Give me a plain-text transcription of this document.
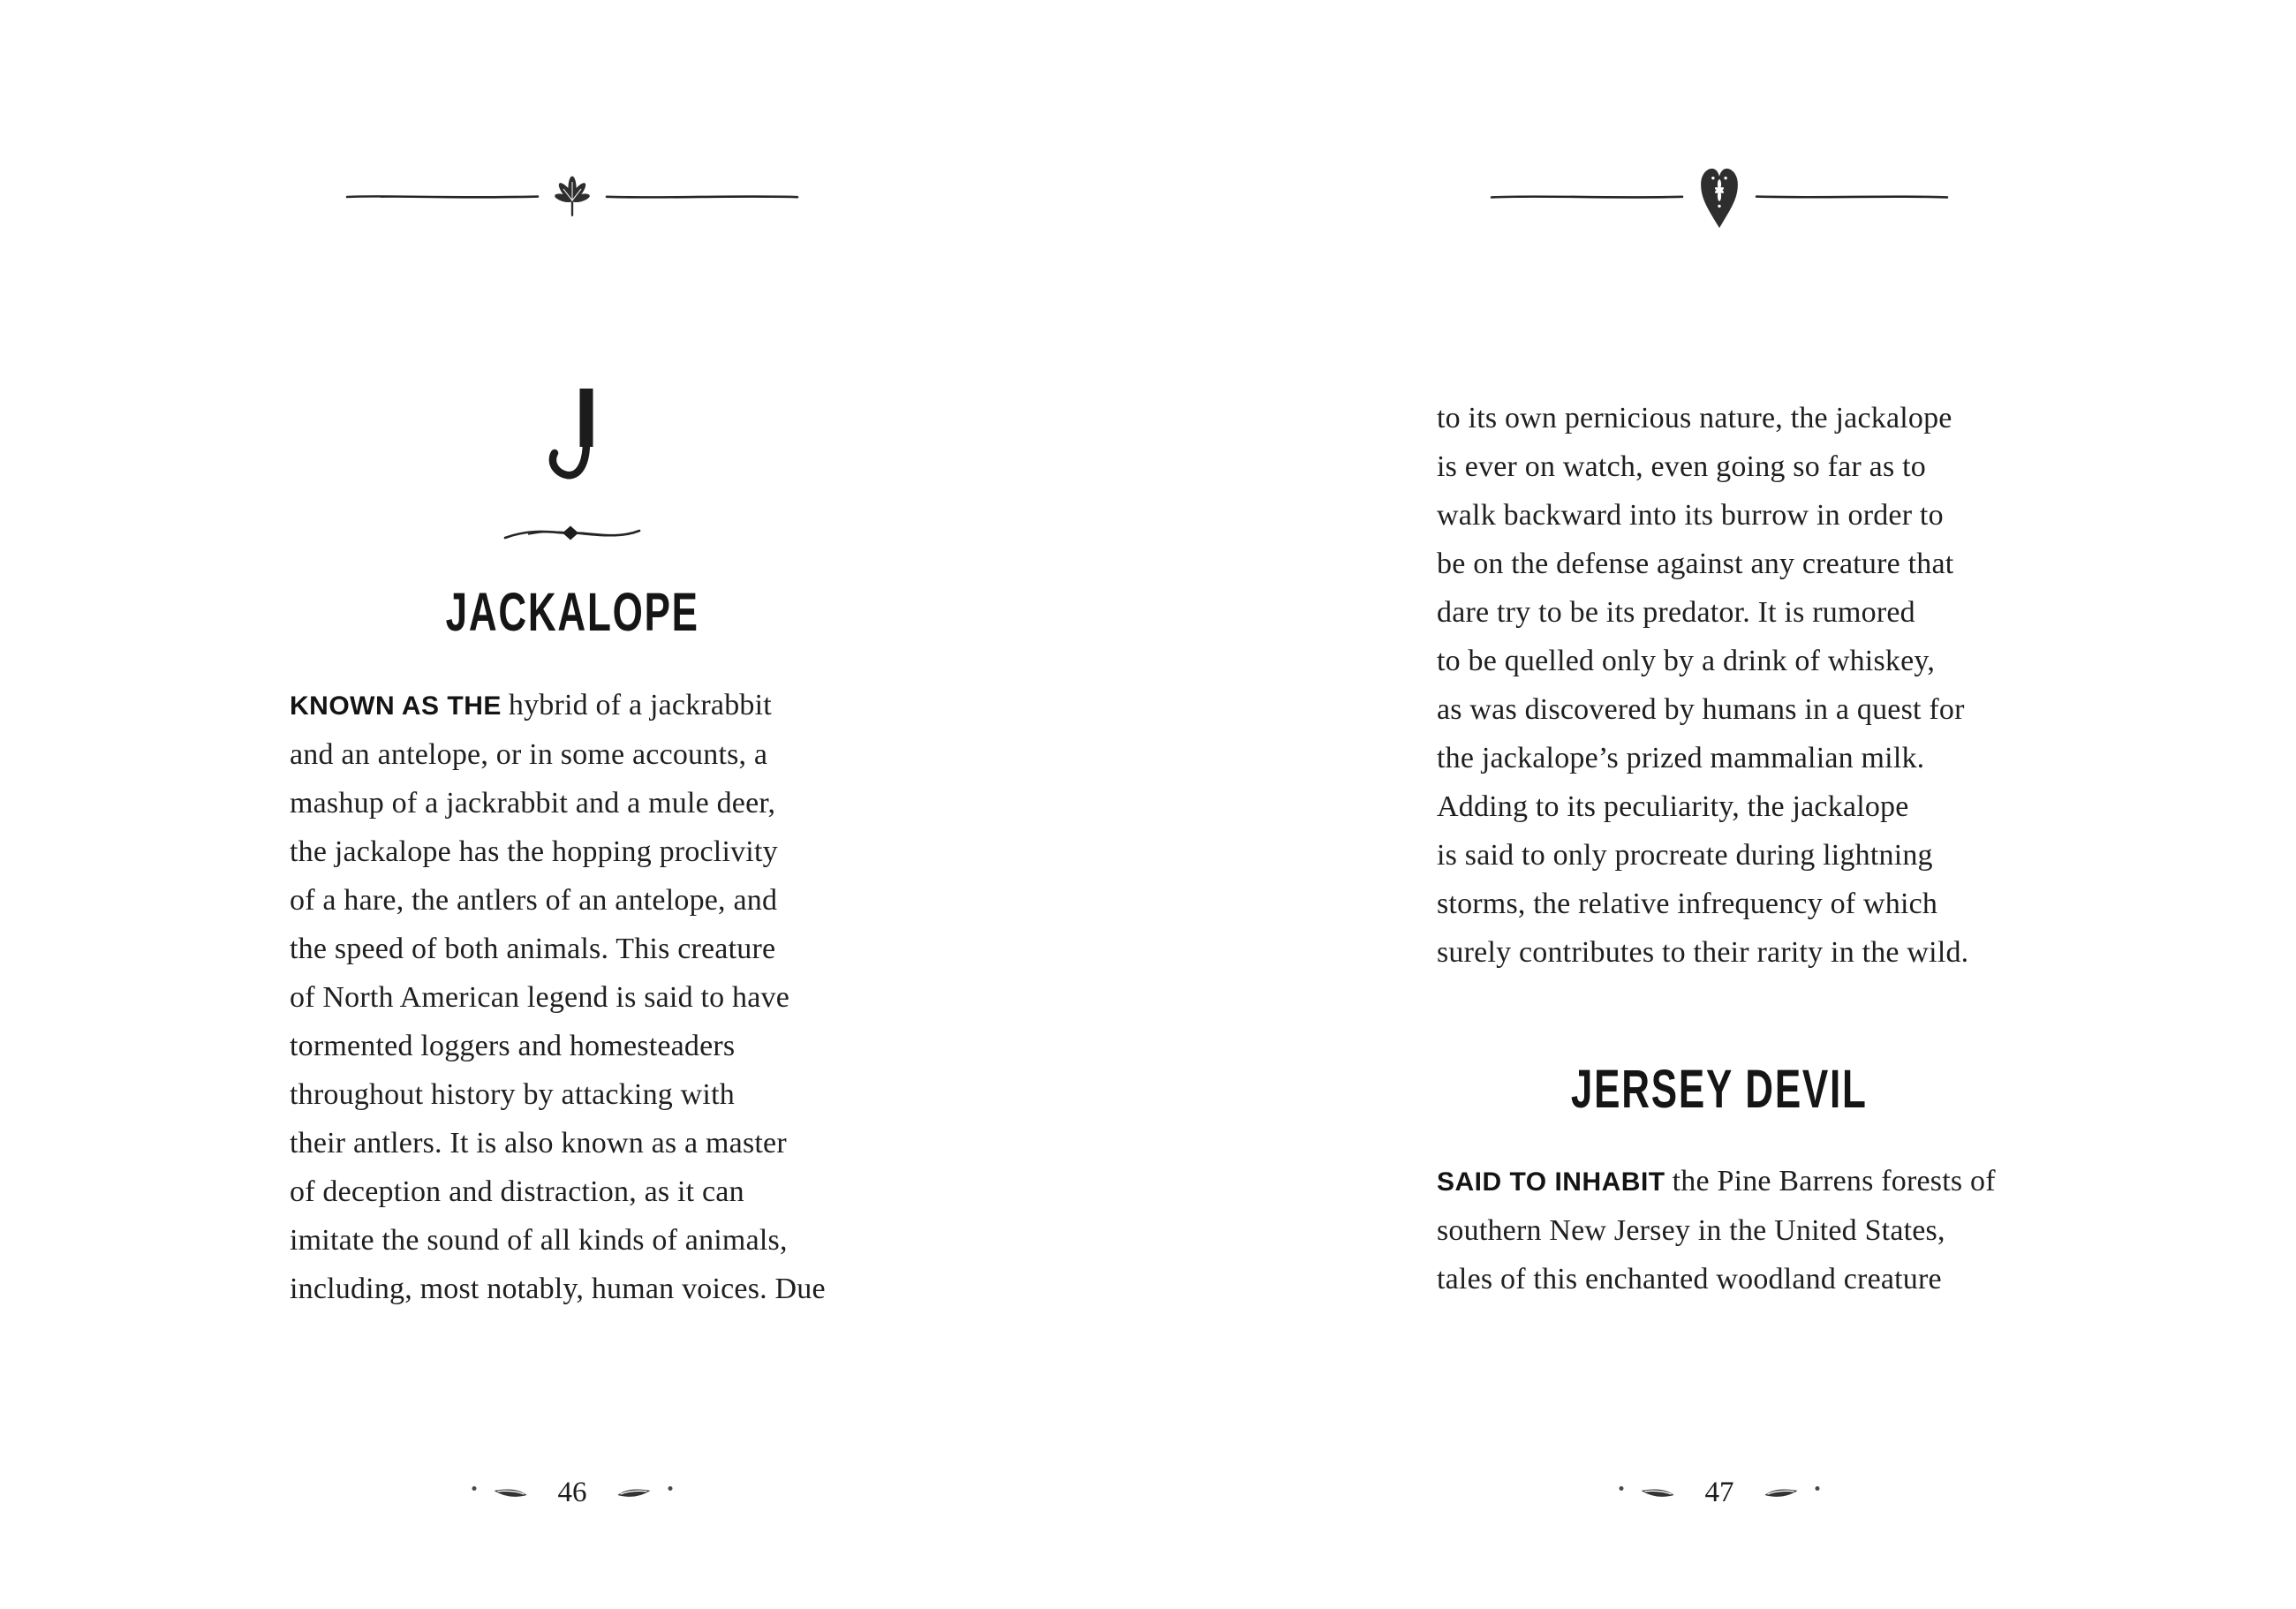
JACKALOPE
KNOWN AS THE hybrid of a jackrabbit
and an antelope, or in some accounts, a
mashup of a jackrabbit and a mule deer,
the jackalope has the hopping proclivity
of a hare, the antlers of an antelope, and
the speed of both animals. This creature
of North American legend is said to have
tormented loggers and homesteaders
throughout history by attacking with
their antlers. It is also known as a master
of deception and distraction, as it can
imitate the sound of all kinds of animals,
including, most notably, human voices. Due
46
to its own pernicious nature, the jackalope
is ever on watch, even going so far as to
walk backward into its burrow in order to
be on the defense against any creature that
dare try to be its predator. It is rumored
to be quelled only by a drink of whiskey,
as was discovered by humans in a quest for
the jackalope’s prized mammalian milk.
Adding to its peculiarity, the jackalope
is said to only procreate during lightning
storms, the relative infrequency of which
surely contributes to their rarity in the wild.
JERSEY DEVIL
SAID TO INHABIT the Pine Barrens forests of
southern New Jersey in the United States,
tales of this enchanted woodland creature
47
